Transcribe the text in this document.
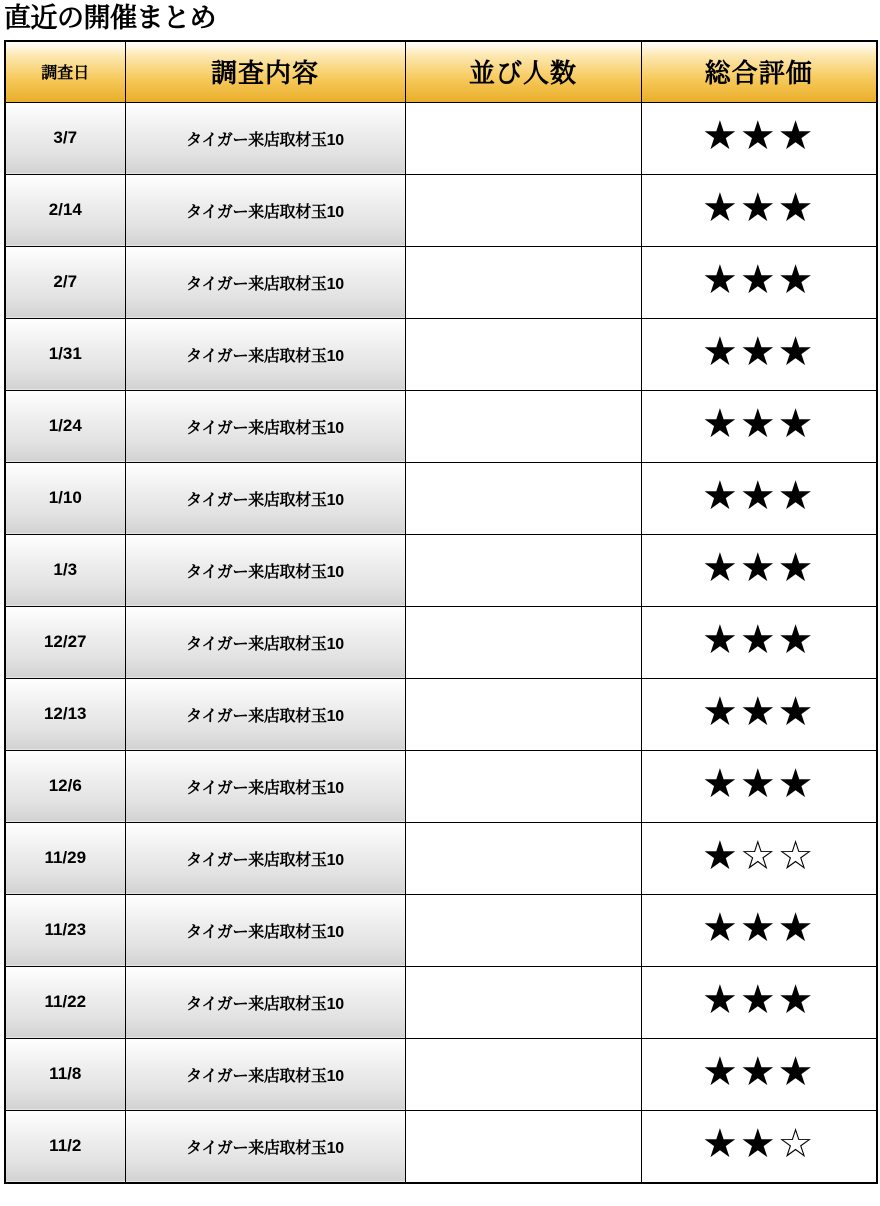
直近の開催まとめ
調査日	調査内容	並び人数	総合評価
3/7	タイガー来店取材玉10		★★★
2/14	タイガー来店取材玉10		★★★
2/7	タイガー来店取材玉10		★★★
1/31	タイガー来店取材玉10		★★★
1/24	タイガー来店取材玉10		★★★
1/10	タイガー来店取材玉10		★★★
1/3	タイガー来店取材玉10		★★★
12/27	タイガー来店取材玉10		★★★
12/13	タイガー来店取材玉10		★★★
12/6	タイガー来店取材玉10		★★★
11/29	タイガー来店取材玉10		★☆☆
11/23	タイガー来店取材玉10		★★★
11/22	タイガー来店取材玉10		★★★
11/8	タイガー来店取材玉10		★★★
11/2	タイガー来店取材玉10		★★☆
